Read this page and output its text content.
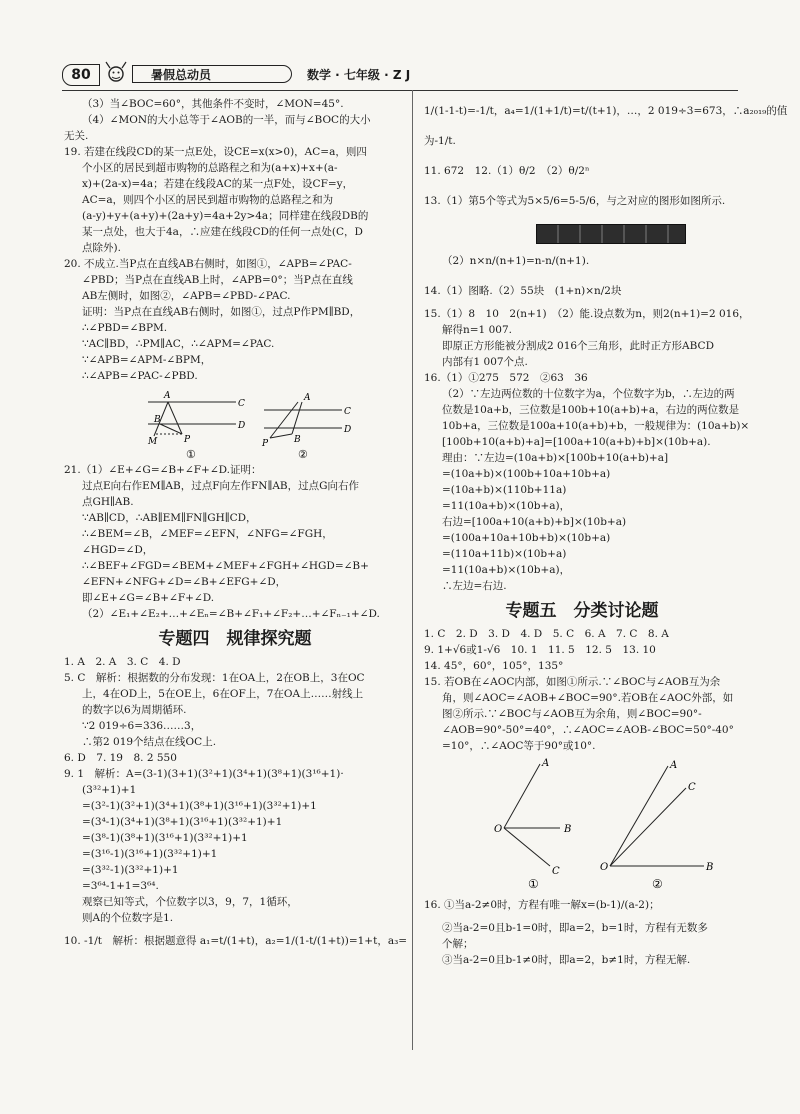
80	暑假总动员	数学 · 七年级 · Z J
（3）当∠BOC=60°，其他条件不变时，∠MON=45°.
（4）∠MON的大小总等于∠AOB的一半，而与∠BOC的大小
无关.
19. 若建在线段CD的某一点E处，设CE=x(x>0)，AC=a，则四
个小区的居民到超市购物的总路程之和为(a+x)+x+(a-
x)+(2a-x)=4a；若建在线段AC的某一点F处，设CF=y，
AC=a，则四个小区的居民到超市购物的总路程之和为
(a-y)+y+(a+y)+(2a+y)=4a+2y>4a；同样建在线段DB的
某一点处，也大于4a，∴应建在线段CD的任何一点处(C，D
点除外).
20. 不成立.当P点在直线AB右侧时，如图①，∠APB=∠PAC-
∠PBD；当P点在直线AB上时，∠APB=0°；当P点在直线
AB左侧时，如图②，∠APB=∠PBD-∠PAC.
证明：当P点在直线AB右侧时，如图①，过点P作PM∥BD，
∴∠PBD=∠BPM.
∵AC∥BD，∴PM∥AC，∴∠APM=∠PAC.
∵∠APB=∠APM-∠BPM，
∴∠APB=∠PAC-∠PBD.
A
C
B
D
M	P
①
A
C
B
D
P
②
21.（1）∠E+∠G=∠B+∠F+∠D.证明：
过点E向右作EM∥AB，过点F向左作FN∥AB，过点G向右作
点GH∥AB.
∵AB∥CD，∴AB∥EM∥FN∥GH∥CD，
∴∠BEM=∠B，∠MEF=∠EFN，∠NFG=∠FGH，
∠HGD=∠D，
∴∠BEF+∠FGD=∠BEM+∠MEF+∠FGH+∠HGD=∠B+
∠EFN+∠NFG+∠D=∠B+∠EFG+∠D，
即∠E+∠G=∠B+∠F+∠D.
（2）∠E₁+∠E₂+…+∠Eₙ=∠B+∠F₁+∠F₂+…+∠Fₙ₋₁+∠D.
专题四　规律探究题
1. A　2. A　3. C　4. D
5. C　解析：根据数的分布发现：1在OA上，2在OB上，3在OC
上，4在OD上，5在OE上，6在OF上，7在OA上……射线上
的数字以6为周期循环.
∵2 019÷6=336……3，
∴第2 019个结点在线OC上.
6. D　7. 19　8. 2 550
9. 1　解析：A=(3-1)(3+1)(3²+1)(3⁴+1)(3⁸+1)(3¹⁶+1)·
(3³²+1)+1
=(3²-1)(3²+1)(3⁴+1)(3⁸+1)(3¹⁶+1)(3³²+1)+1
=(3⁴-1)(3⁴+1)(3⁸+1)(3¹⁶+1)(3³²+1)+1
=(3⁸-1)(3⁸+1)(3¹⁶+1)(3³²+1)+1
=(3¹⁶-1)(3¹⁶+1)(3³²+1)+1
=(3³²-1)(3³²+1)+1
=3⁶⁴-1+1=3⁶⁴.
观察已知等式，个位数字以3，9，7，1循环，
则A的个位数字是1.
10. -1/t　解析：根据题意得 a₁=t/(1+t)，a₂=1/(1-t/(1+t))=1+t，a₃=
1/(1-1-t)=-1/t，a₄=1/(1+1/t)=t/(t+1)，…，2 019÷3=673，∴a₂₀₁₉的值
为-1/t.
11. 672　12.（1）θ/2　（2）θ/2ⁿ
13.（1）第5个等式为5×5/6=5-5/6，与之对应的图形如图所示.
（2）n×n/(n+1)=n-n/(n+1).
14.（1）图略.（2）55块　(1+n)×n/2块
15.（1）8　10　2(n+1)　（2）能.设点数为n，则2(n+1)=2 016，
解得n=1 007.
即原正方形能被分割成2 016个三角形，此时正方形ABCD
内部有1 007个点.
16.（1）①275　572　②63　36
（2）∵左边两位数的十位数字为a，个位数字为b，∴左边的两
位数是10a+b，三位数是100b+10(a+b)+a，右边的两位数是
10b+a，三位数是100a+10(a+b)+b，一般规律为：(10a+b)×
[100b+10(a+b)+a]=[100a+10(a+b)+b]×(10b+a).
理由：∵左边=(10a+b)×[100b+10(a+b)+a]
=(10a+b)×(100b+10a+10b+a)
=(10a+b)×(110b+11a)
=11(10a+b)×(10b+a)，
右边=[100a+10(a+b)+b]×(10b+a)
=(100a+10a+10b+b)×(10b+a)
=(110a+11b)×(10b+a)
=11(10a+b)×(10b+a)，
∴左边=右边.
专题五　分类讨论题
1. C　2. D　3. D　4. D　5. C　6. A　7. C　8. A
9. 1+√6或1-√6　10. 1　11. 5　12. 5　13. 10
14. 45°，60°，105°，135°
15. 若OB在∠AOC内部，如图①所示.∵∠BOC与∠AOB互为余
角，则∠AOC=∠AOB+∠BOC=90°.若OB在∠AOC外部，如
图②所示.∵∠BOC与∠AOB互为余角，则∠BOC=90°-
∠AOB=90°-50°=40°，∴∠AOC=∠AOB-∠BOC=50°-40°
=10°，∴∠AOC等于90°或10°.
A
B
C
O
①
A
C
B
O
②
16. ①当a-2≠0时，方程有唯一解x=(b-1)/(a-2)；
②当a-2=0且b-1=0时，即a=2，b=1时，方程有无数多
个解；
③当a-2=0且b-1≠0时，即a=2，b≠1时，方程无解.
